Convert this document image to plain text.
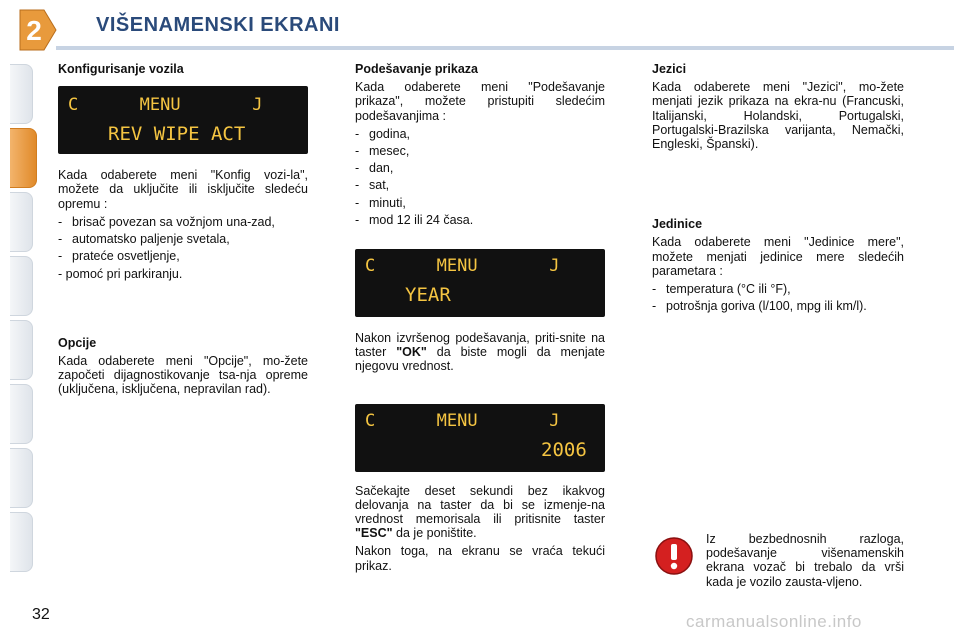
2	VIŠENAMENSKI EKRANI
Konfigurisanje vozila
C      MENU       J
REV WIPE ACT
Kada odaberete meni "Konfig vozi-la", možete da uključite ili isključite sledeću opremu :
- brisač povezan sa vožnjom una-zad,
- automatsko paljenje svetala,
- prateće osvetljenje,
- pomoć pri parkiranju.
Opcije
Kada odaberete meni "Opcije", mo-žete započeti dijagnostikovanje tsa-nja opreme (uključena, isključena, nepravilan rad).
Podešavanje prikaza
Kada odaberete meni "Podešavanje prikaza", možete pristupiti sledećim podešavanjima :
- godina,
- mesec,
- dan,
- sat,
- minuti,
- mod 12 ili 24 časa.
C      MENU       J
YEAR
Nakon izvršenog podešavanja, priti-snite na taster "OK" da biste mogli da menjate njegovu vrednost.
C      MENU       J
2006
Sačekajte deset sekundi bez ikakvog delovanja na taster da bi se izmenje-na vrednost memorisala ili pritisnite taster "ESC" da je poništite.
Nakon toga, na ekranu se vraća tekući prikaz.
Jezici
Kada odaberete meni "Jezici", mo-žete menjati jezik prikaza na ekra-nu (Francuski, Italijanski, Holandski, Portugalski, Portugalski-Brazilska varijanta, Nemački, Engleski, Španski).
Jedinice
Kada odaberete meni "Jedinice mere", možete menjati jedinice mere sledećih parametara :
- temperatura (°C ili °F),
- potrošnja goriva (l/100, mpg ili km/l).
Iz bezbednosnih razloga, podešavanje višenamenskih ekrana vozač bi trebalo da vrši kada je vozilo zausta-vljeno.
32	carmanualsonline.info
